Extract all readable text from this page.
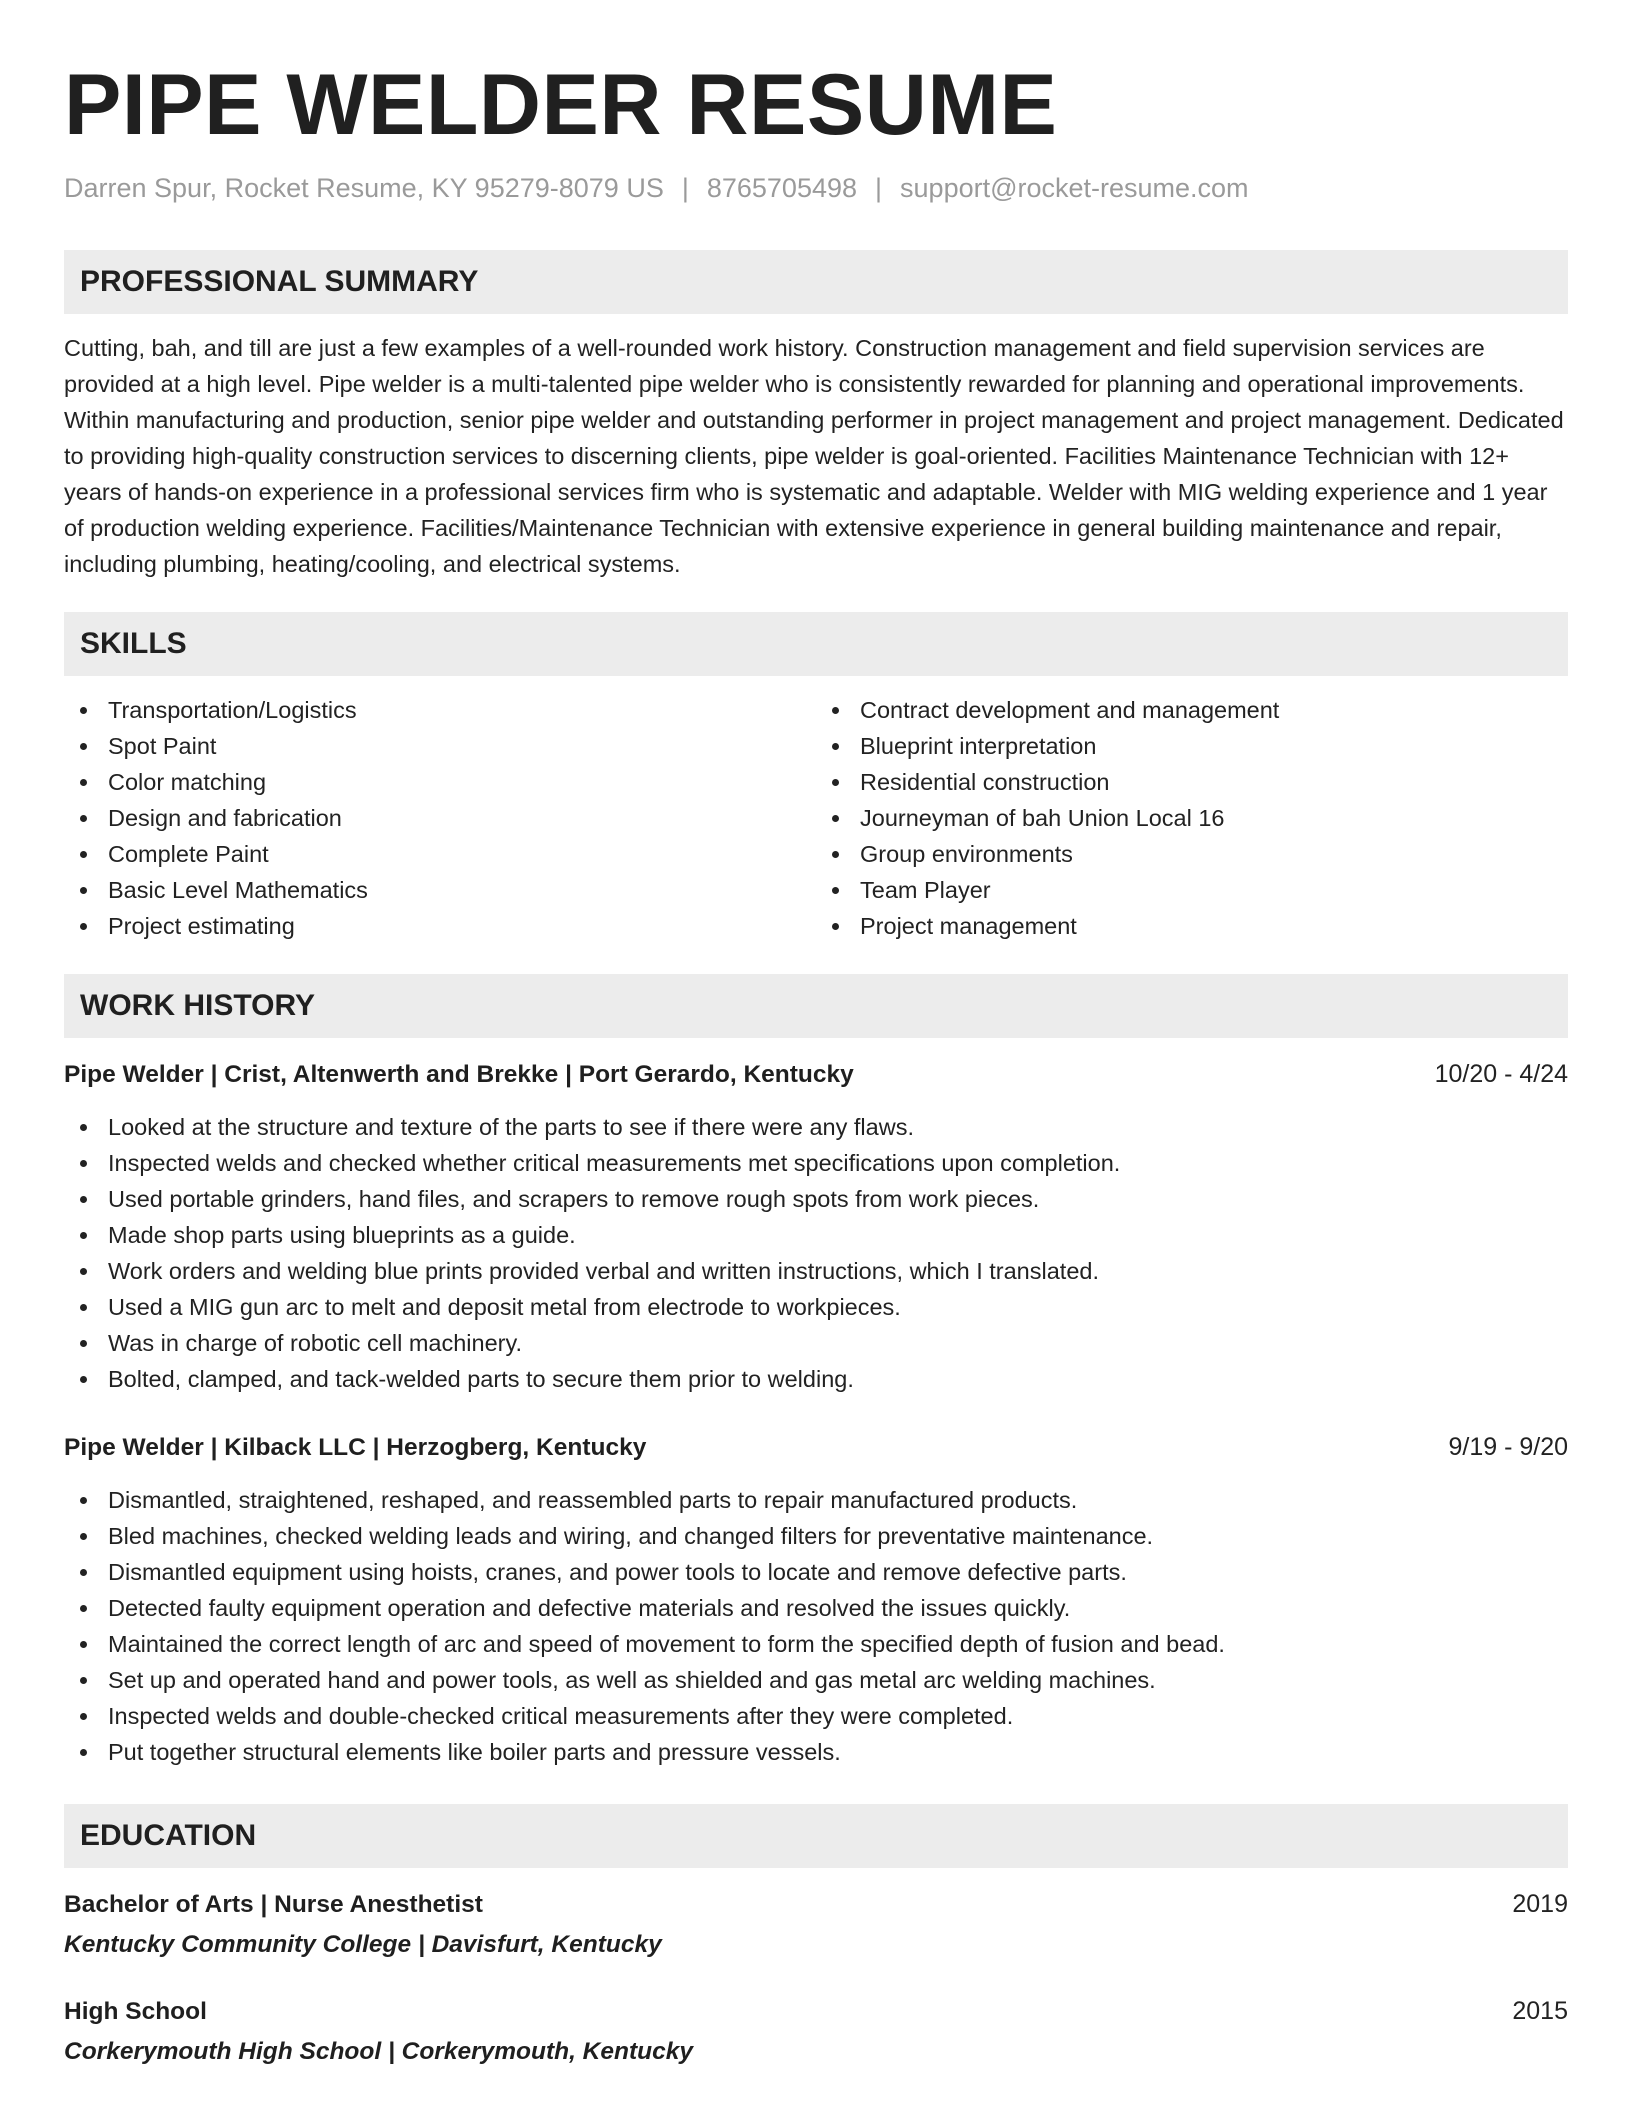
PIPE WELDER RESUME
Darren Spur, Rocket Resume, KY 95279-8079 US | 8765705498 | support@rocket-resume.com
PROFESSIONAL SUMMARY

Cutting, bah, and till are just a few examples of a well-rounded work history. Construction management and field supervision services are provided at a high level. Pipe welder is a multi-talented pipe welder who is consistently rewarded for planning and operational improvements. Within manufacturing and production, senior pipe welder and outstanding performer in project management and project management. Dedicated to providing high-quality construction services to discerning clients, pipe welder is goal-oriented. Facilities Maintenance Technician with 12+ years of hands-on experience in a professional services firm who is systematic and adaptable. Welder with MIG welding experience and 1 year of production welding experience. Facilities/Maintenance Technician with extensive experience in general building maintenance and repair, including plumbing, heating/cooling, and electrical systems.

SKILLS
Transportation/Logistics
Spot Paint
Color matching
Design and fabrication
Complete Paint
Basic Level Mathematics
Project estimating
Contract development and management
Blueprint interpretation
Residential construction
Journeyman of bah Union Local 16
Group environments
Team Player
Project management
WORK HISTORY
Pipe Welder | Crist, Altenwerth and Brekke | Port Gerardo, Kentucky	10/20 - 4/24
Looked at the structure and texture of the parts to see if there were any flaws.
Inspected welds and checked whether critical measurements met specifications upon completion.
Used portable grinders, hand files, and scrapers to remove rough spots from work pieces.
Made shop parts using blueprints as a guide.
Work orders and welding blue prints provided verbal and written instructions, which I translated.
Used a MIG gun arc to melt and deposit metal from electrode to workpieces.
Was in charge of robotic cell machinery.
Bolted, clamped, and tack-welded parts to secure them prior to welding.
Pipe Welder | Kilback LLC | Herzogberg, Kentucky	9/19 - 9/20
Dismantled, straightened, reshaped, and reassembled parts to repair manufactured products.
Bled machines, checked welding leads and wiring, and changed filters for preventative maintenance.
Dismantled equipment using hoists, cranes, and power tools to locate and remove defective parts.
Detected faulty equipment operation and defective materials and resolved the issues quickly.
Maintained the correct length of arc and speed of movement to form the specified depth of fusion and bead.
Set up and operated hand and power tools, as well as shielded and gas metal arc welding machines.
Inspected welds and double-checked critical measurements after they were completed.
Put together structural elements like boiler parts and pressure vessels.
EDUCATION
Bachelor of Arts | Nurse Anesthetist	2019
Kentucky Community College | Davisfurt, Kentucky
High School	2015
Corkerymouth High School | Corkerymouth, Kentucky
